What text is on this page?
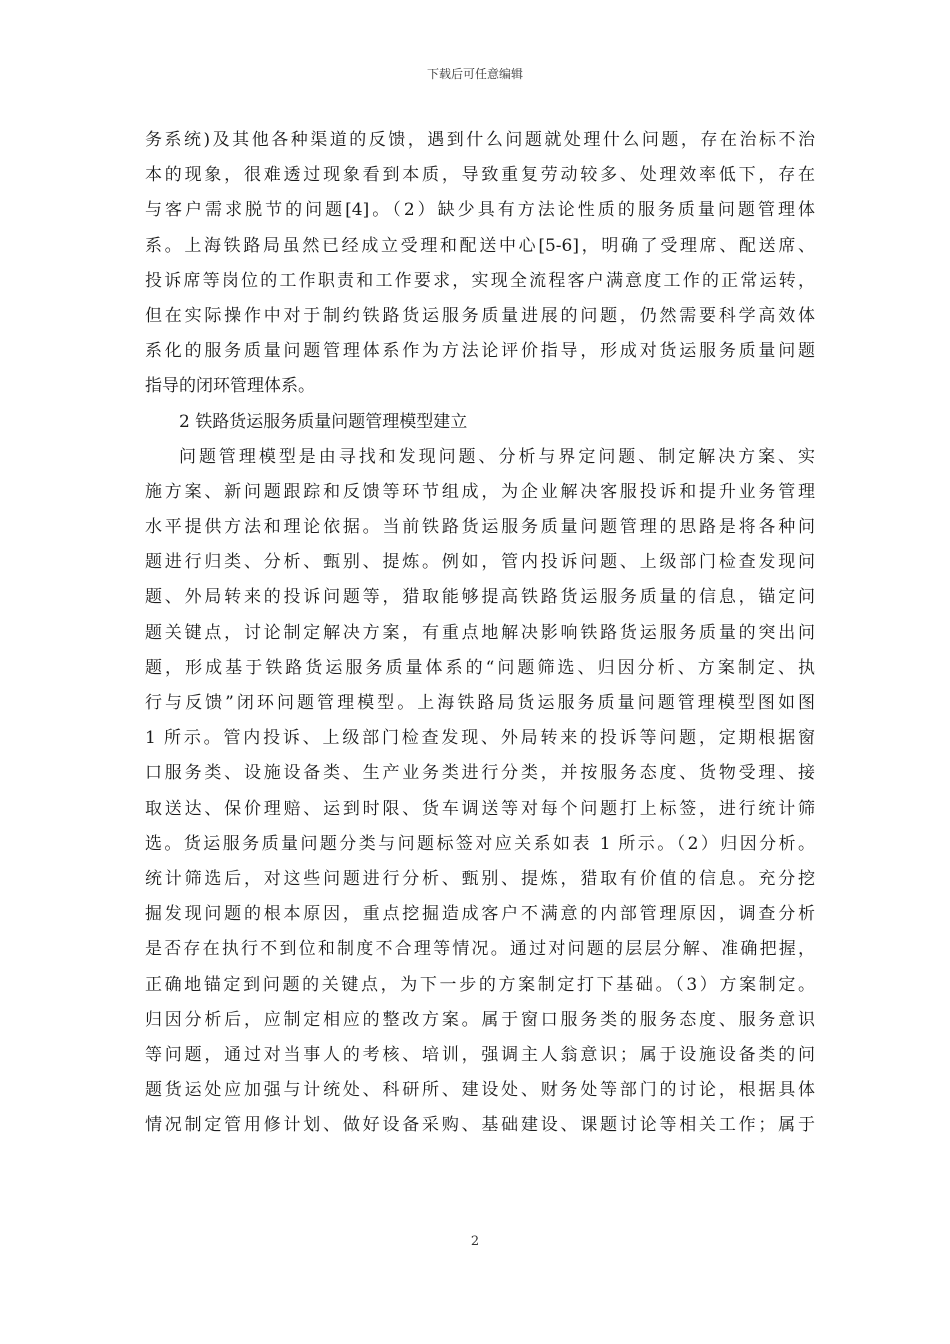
下载后可任意编辑

务系统)及其他各种渠道的反馈，遇到什么问题就处理什么问题，存在治标不治
本的现象，很难透过现象看到本质，导致重复劳动较多、处理效率低下，存在
与客户需求脱节的问题[4]。（2）缺少具有方法论性质的服务质量问题管理体
系。上海铁路局虽然已经成立受理和配送中心[5-6]，明确了受理席、配送席、
投诉席等岗位的工作职责和工作要求，实现全流程客户满意度工作的正常运转，
但在实际操作中对于制约铁路货运服务质量进展的问题，仍然需要科学高效体
系化的服务质量问题管理体系作为方法论评价指导，形成对货运服务质量问题
指导的闭环管理体系。

2 铁路货运服务质量问题管理模型建立

问题管理模型是由寻找和发现问题、分析与界定问题、制定解决方案、实
施方案、新问题跟踪和反馈等环节组成，为企业解决客服投诉和提升业务管理
水平提供方法和理论依据。当前铁路货运服务质量问题管理的思路是将各种问
题进行归类、分析、甄别、提炼。例如，管内投诉问题、上级部门检查发现问
题、外局转来的投诉问题等，猎取能够提高铁路货运服务质量的信息，锚定问
题关键点，讨论制定解决方案，有重点地解决影响铁路货运服务质量的突出问
题，形成基于铁路货运服务质量体系的“问题筛选、归因分析、方案制定、执
行与反馈”闭环问题管理模型。上海铁路局货运服务质量问题管理模型图如图
1 所示。管内投诉、上级部门检查发现、外局转来的投诉等问题，定期根据窗
口服务类、设施设备类、生产业务类进行分类，并按服务态度、货物受理、接
取送达、保价理赔、运到时限、货车调送等对每个问题打上标签，进行统计筛
选。货运服务质量问题分类与问题标签对应关系如表 1 所示。（2）归因分析。
统计筛选后，对这些问题进行分析、甄别、提炼，猎取有价值的信息。充分挖
掘发现问题的根本原因，重点挖掘造成客户不满意的内部管理原因，调查分析
是否存在执行不到位和制度不合理等情况。通过对问题的层层分解、准确把握，
正确地锚定到问题的关键点，为下一步的方案制定打下基础。（3）方案制定。
归因分析后，应制定相应的整改方案。属于窗口服务类的服务态度、服务意识
等问题，通过对当事人的考核、培训，强调主人翁意识；属于设施设备类的问
题货运处应加强与计统处、科研所、建设处、财务处等部门的讨论，根据具体
情况制定管用修计划、做好设备采购、基础建设、课题讨论等相关工作；属于

2
